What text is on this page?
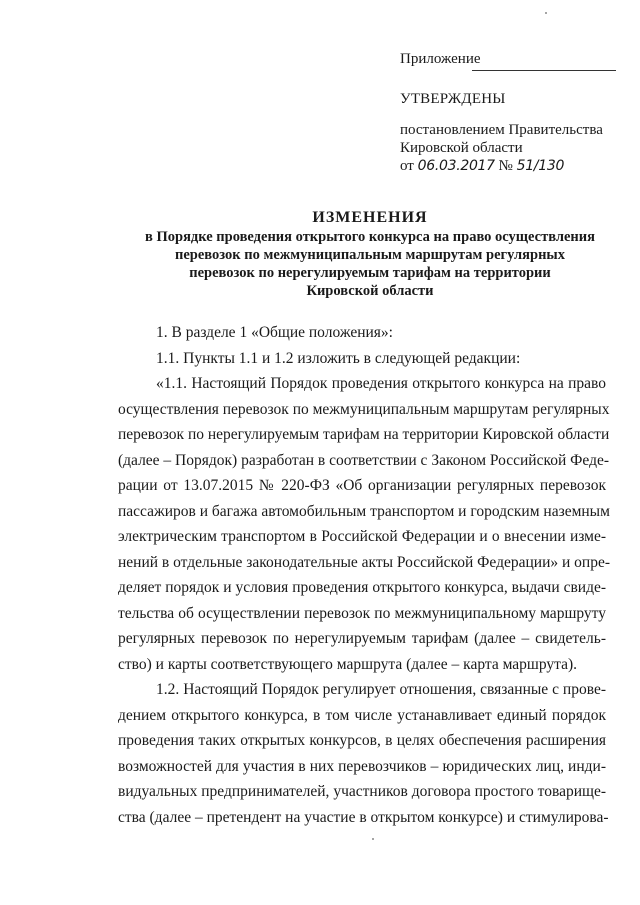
Приложение
УТВЕРЖДЕНЫ
постановлением Правительства
Кировской области
от 06.03.2017 № 51/130
ИЗМЕНЕНИЯ
в Порядке проведения открытого конкурса на право осуществления
перевозок по межмуниципальным маршрутам регулярных
перевозок по нерегулируемым тарифам на территории
Кировской области
1. В разделе 1 «Общие положения»:
1.1. Пункты 1.1 и 1.2 изложить в следующей редакции:
«1.1. Настоящий Порядок проведения открытого конкурса на право
осуществления перевозок по межмуниципальным маршрутам регулярных
перевозок по нерегулируемым тарифам на территории Кировской области
(далее – Порядок) разработан в соответствии с Законом Российской Феде-
рации от 13.07.2015 № 220-ФЗ «Об организации регулярных перевозок
пассажиров и багажа автомобильным транспортом и городским наземным
электрическим транспортом в Российской Федерации и о внесении изме-
нений в отдельные законодательные акты Российской Федерации» и опре-
деляет порядок и условия проведения открытого конкурса, выдачи свиде-
тельства об осуществлении перевозок по межмуниципальному маршруту
регулярных перевозок по нерегулируемым тарифам (далее – свидетель-
ство) и карты соответствующего маршрута (далее – карта маршрута).
1.2. Настоящий Порядок регулирует отношения, связанные с прове-
дением открытого конкурса, в том числе устанавливает единый порядок
проведения таких открытых конкурсов, в целях обеспечения расширения
возможностей для участия в них перевозчиков – юридических лиц, инди-
видуальных предпринимателей, участников договора простого товарище-
ства (далее – претендент на участие в открытом конкурсе) и стимулирова-
